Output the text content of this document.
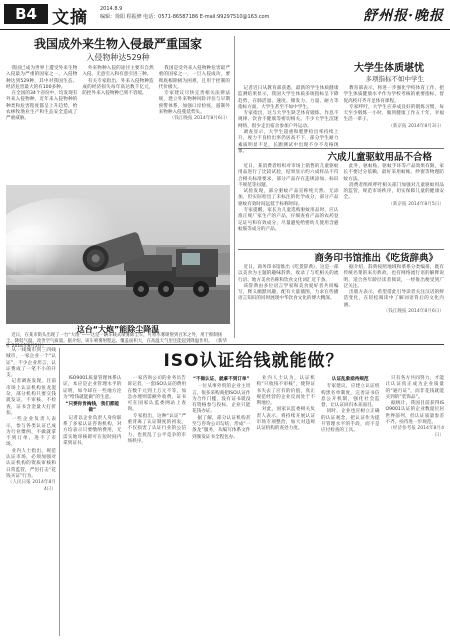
B4 文摘 2014.8.9
编辑：徐阳 程振修 电话：0571-86587186 E-mail:99297510@163.com	舒州报·晚报
我国成外来生物入侵最严重国家
入侵物种达529种

我国已成为世界上遭受外来生物入侵最为严重的国家之一。入侵物种达到529种，其中对我国生态、经济危害最大的有100多种。

在全国的34个省份中，均发现有外来入侵物种，近年来入侵物种的种类和危害程度都呈上升趋势，给农林牧渔业生产和生态安全造成了严重威胁。

外来物种入侵的途径主要有自然入侵、无意引入和有意引进三种。

有关专家指出，外来入侵物种造成的经济损失每年高达数千亿元，防控外来入侵物种已刻不容缓。

我国是受外来入侵物种危害最严重的国家之一，一旦入侵成功，要彻底根除极为困难，且用于控制的代价极大。

专家建议尽快完善相关法律法规，建立外来物种风险评估与早期预警体系，加强口岸检疫，遏制外来物种入侵蔓延势头。

（钱江晚报 2014年8月6日）

大学生体质堪忧
多项指标不如中学生

记者近日从教育部获悉，最新的学生体质健康监测结果显示，我国大学生体质多项指标呈下降趋势，在肺活量、速度、爆发力、力量、耐力等指标方面，大学生甚至不如中学生。

专家指出，这与大学生缺乏体育锻炼、作息不规律、饮食不健康等密切相关。不少大学生沉迷网络，很少走出宿舍参加户外运动。

调查显示，大学生超重和肥胖检出率持续上升，视力不良检出率仍居高不下，部分学生耐力素质明显不足，长跑测试中出现不少不及格现象。

教育部表示，将进一步强化学校体育工作，把学生体质健康水平作为学校考核的重要指标，督促高校开齐开足体育课程。

专家呼吁，大学生应养成良好的锻炼习惯，每天至少锻炼一小时，做到健康工作五十年，幸福生活一辈子。

（新京报 2014年8月3日）

六成儿童驱蚊用品不合格

近日，某消费者组织对市场上销售的儿童驱蚊用品进行了比较试验，结果显示约六成样品不符合相关标准要求，部分产品存在违规添加、标识不规范等问题。

试验发现，部分驱蚊产品宣称纯天然、无添加，但实际检出了未标注的化学成分，部分产品驱蚊有效时间远低于标称时间。

专家提醒，家长为儿童选购驱蚊用品时，应认准正规厂家生产的产品，仔细查看产品的农药登记证号和有效成分，尽量避免给婴幼儿使用含避蚊胺等成分的产品。

此外，驱蚊贴、驱蚊手环等产品效果有限，家长不要过分依赖，最好采用蚊帐、纱窗等物理防蚊方法。

消费者组织呼吁相关部门加强对儿童驱蚊用品的监管，规范市场秩序，切实保障儿童的健康安全。

（新京报 2014年8月5日）

商务印书馆推出《吃货辞典》

近日，商务印书馆推出《吃货辞典》，这是一部以美食为主题的趣味辞典，收录了与吃相关的流行语、地方美食名称和饮食文化词汇近千条。

该辞典由多位语言学家和美食爱好者共同编写，释义幽默风趣，配有大量插图，力求在传播语言知识的同时展现中华饮食文化的博大精深。

据介绍，辞典按照地域和菜系分类编排，既有传统名菜的来历典故，也有网络流行语的解释说明，适合各年龄层读者阅读，一经推出便受到广泛关注。

出版方表示，希望借此引导读者关注汉语的鲜活变化，在轻松阅读中了解词语背后的文化内涵。

（钱江晚报 2014年8月6日）

这台“大炮”能除尘降温
近日，在某市街头出现了一台“大炮”——这是一辆车载式喷雾除尘车，可将水雾喷射到百米之外，用于抑制扬尘、降低气温、改善空气质量。据介绍，该车喷雾射程远、覆盖面积大，在高温天气里还能起到降温作用。 （新华社 2014年8月5日）

从一线城市到三四线城市，一家企业一个“认证”，不少企业坦言，认证费成了一笔不小的开支。

记者调查发现，目前市场上认证机构鱼龙混杂，部分机构只要交钱就发证，不审核、不检查，证书含金量大打折扣。

一些企业负责人表示，参与各类认证已成为行业惯例，不做就拿不到订单、进不了市场。

业内人士指出，规范认证市场，必须加强对认证机构的资质审核和日常监管，严厉打击“花钱买证”行为。

（人民日报 2014年8月4日）

ISO认证给钱就能做？

ISO9001质量管理体系认证，本应是企业管理水平的证明，如今却在一些地方沦为“给钱就能做”的生意。

“只要你肯掏钱，我们都能做”

记者以企业负责人身份联系了多家认证咨询机构，对方均表示只要缴纳费用，无需实地审核即可在短时间内拿到证书。

一家咨询公司的业务员告诉记者，一套ISO认证的费用在数千元到上万元不等，加急办理则需额外收费，证书可在国家认监委网站上查询。

专家指出，这种“认证”严重背离了认证制度的初衷，不仅损害了认证行业的公信力，也扰乱了公平竞争的市场秩序。

“不做认证，就拿不到订单”

一位从事外贸的企业主坦言，很多采购商把ISO认证作为合作门槛，没有证书就没有资格参与投标，企业只能花钱办证。

据了解，部分认证机构甚至与咨询公司勾结，形成“一条龙”服务，从编写体系文件到颁发证书全程包办。

业内人士认为，认证机构“只收钱不审核”，使得证书失去了应有的价值，真正规范经营的企业反而处于不利地位。

对此，国家认监委相关负责人表示，将持续开展认证市场专项整治，加大对违规认证机构的查处力度。

认证乱象亟待规范

专家建议，应建立认证机构黑名单制度，完善证书信息公开机制，强化社会监督，让认证回归本来面目。

同时，企业也应树立正确的认证观念，把认证作为提升管理水平的手段，而不是应付检查的工具。

只有各方共同努力，才能让认证真正成为企业质量的“通行证”，而非花钱就能买到的“装饰品”。

据统计，我国目前获得ISO9001认证的企业数量位居世界前列，但认证质量参差不齐，亟待进一步规范。

（经济参考报 2014年8月4日）
